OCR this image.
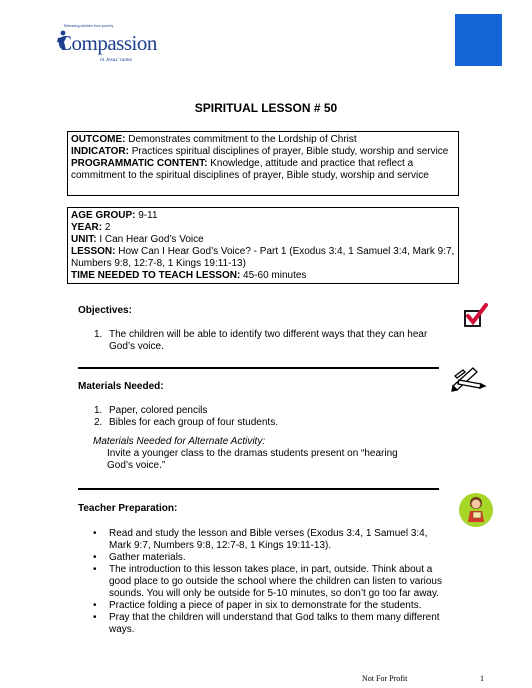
Releasing children from poverty
Compassion
in Jesus' name
SPIRITUAL LESSON # 50

OUTCOME: Demonstrates commitment to the Lordship of Christ

INDICATOR: Practices spiritual disciplines of prayer, Bible study, worship and service

PROGRAMMATIC CONTENT: Knowledge, attitude and practice that reflect a commitment to the spiritual disciplines of prayer, Bible study, worship and service

AGE GROUP: 9-11

YEAR: 2

UNIT: I Can Hear God’s Voice

LESSON: How Can I Hear God’s Voice? - Part 1 (Exodus 3:4, 1 Samuel 3:4, Mark 9:7, Numbers 9:8, 12:7-8, 1 Kings 19:11-13)

TIME NEEDED TO TEACH LESSON: 45-60 minutes

Objectives:
1. The children will be able to identify two different ways that they can hear God’s voice.
Materials Needed:
1. Paper, colored pencils
2. Bibles for each group of four students.
Materials Needed for Alternate Activity:
Invite a younger class to the dramas students present on “hearing God’s voice.”
Teacher Preparation:
• Read and study the lesson and Bible verses (Exodus 3:4, 1 Samuel 3:4, Mark 9:7, Numbers 9:8, 12:7-8, 1 Kings 19:11-13).
• Gather materials.
• The introduction to this lesson takes place, in part, outside. Think about a good place to go outside the school where the children can listen to various sounds. You will only be outside for 5-10 minutes, so don’t go too far away.
• Practice folding a piece of paper in six to demonstrate for the students.
• Pray that the children will understand that God talks to them many different ways.
Not For Profit	1
